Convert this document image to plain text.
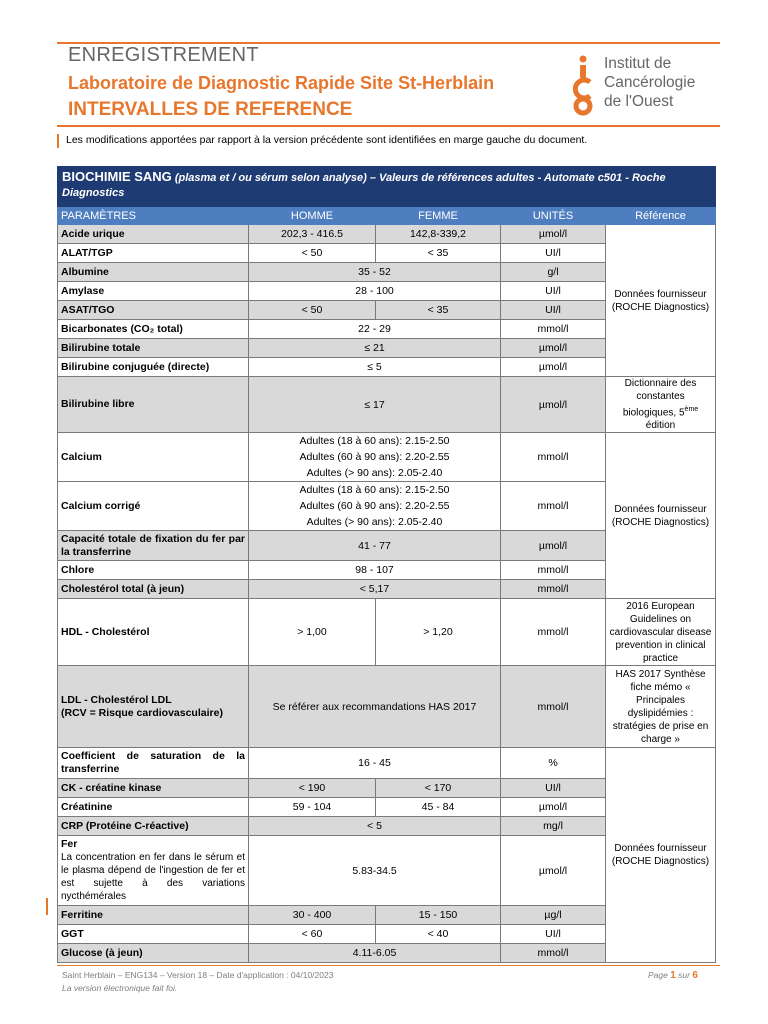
ENREGISTREMENT
Laboratoire de Diagnostic Rapide Site St-Herblain
INTERVALLES DE REFERENCE
Institut de
Cancérologie
de l'Ouest
Les modifications apportées par rapport à la version précédente sont identifiées en marge gauche du document.
BIOCHIMIE SANG (plasma et / ou sérum selon analyse) – Valeurs de références adultes - Automate c501 - Roche Diagnostics				
PARAMÈTRES	HOMME	FEMME	UNITÉS	Référence
Acide urique	202,3 - 416.5	142,8-339,2	µmol/l	Données fournisseur (ROCHE Diagnostics)
ALAT/TGP	< 50	< 35	UI/l	
Albumine	35 - 52		g/l	
Amylase	28 - 100		UI/l	
ASAT/TGO	< 50	< 35	UI/l	
Bicarbonates (CO₂ total)	22 - 29		mmol/l	
Bilirubine totale	≤ 21		µmol/l	
Bilirubine conjuguée (directe)	≤ 5		µmol/l	
Bilirubine libre	≤ 17		µmol/l	Dictionnaire des constantes biologiques, 5ème édition
Calcium	Adultes (18 à 60 ans): 2.15-2.50
Adultes (60 à 90 ans): 2.20-2.55
Adultes (> 90 ans): 2.05-2.40		mmol/l	Données fournisseur (ROCHE Diagnostics)
Calcium corrigé	Adultes (18 à 60 ans): 2.15-2.50
Adultes (60 à 90 ans): 2.20-2.55
Adultes (> 90 ans): 2.05-2.40		mmol/l	
Capacité totale de fixation du fer par la transferrine	41 - 77		µmol/l	
Chlore	98 - 107		mmol/l	
Cholestérol total (à jeun)	< 5,17		mmol/l	
HDL - Cholestérol	> 1,00	> 1,20	mmol/l	2016 European Guidelines on cardiovascular disease prevention in clinical practice

LDL - Cholestérol LDL
(RCV = Risque cardiovasculaire)	Se référer aux recommandations HAS 2017		mmol/l	HAS 2017 Synthèse fiche mémo « Principales dyslipidémies : stratégies de prise en charge »
Coefficient de saturation de la transferrine	16 - 45		%	Données fournisseur (ROCHE Diagnostics)
CK - créatine kinase	< 190	< 170	UI/l	
Créatinine	59 - 104	45 - 84	µmol/l	
CRP (Protéine C-réactive)	< 5		mg/l	

Fer
La concentration en fer dans le sérum et le plasma dépend de l'ingestion de fer et est sujette à des variations nycthémérales	5.83-34.5		µmol/l	
Ferritine	30 - 400	15 - 150	µg/l	
GGT	< 60	< 40	UI/l	
Glucose (à jeun)	4.11-6.05		mmol/l	
Saint Herblain – ENG134 – Version 18 – Date d'application : 04/10/2023
La version électronique fait foi.
Page 1 sur 6
